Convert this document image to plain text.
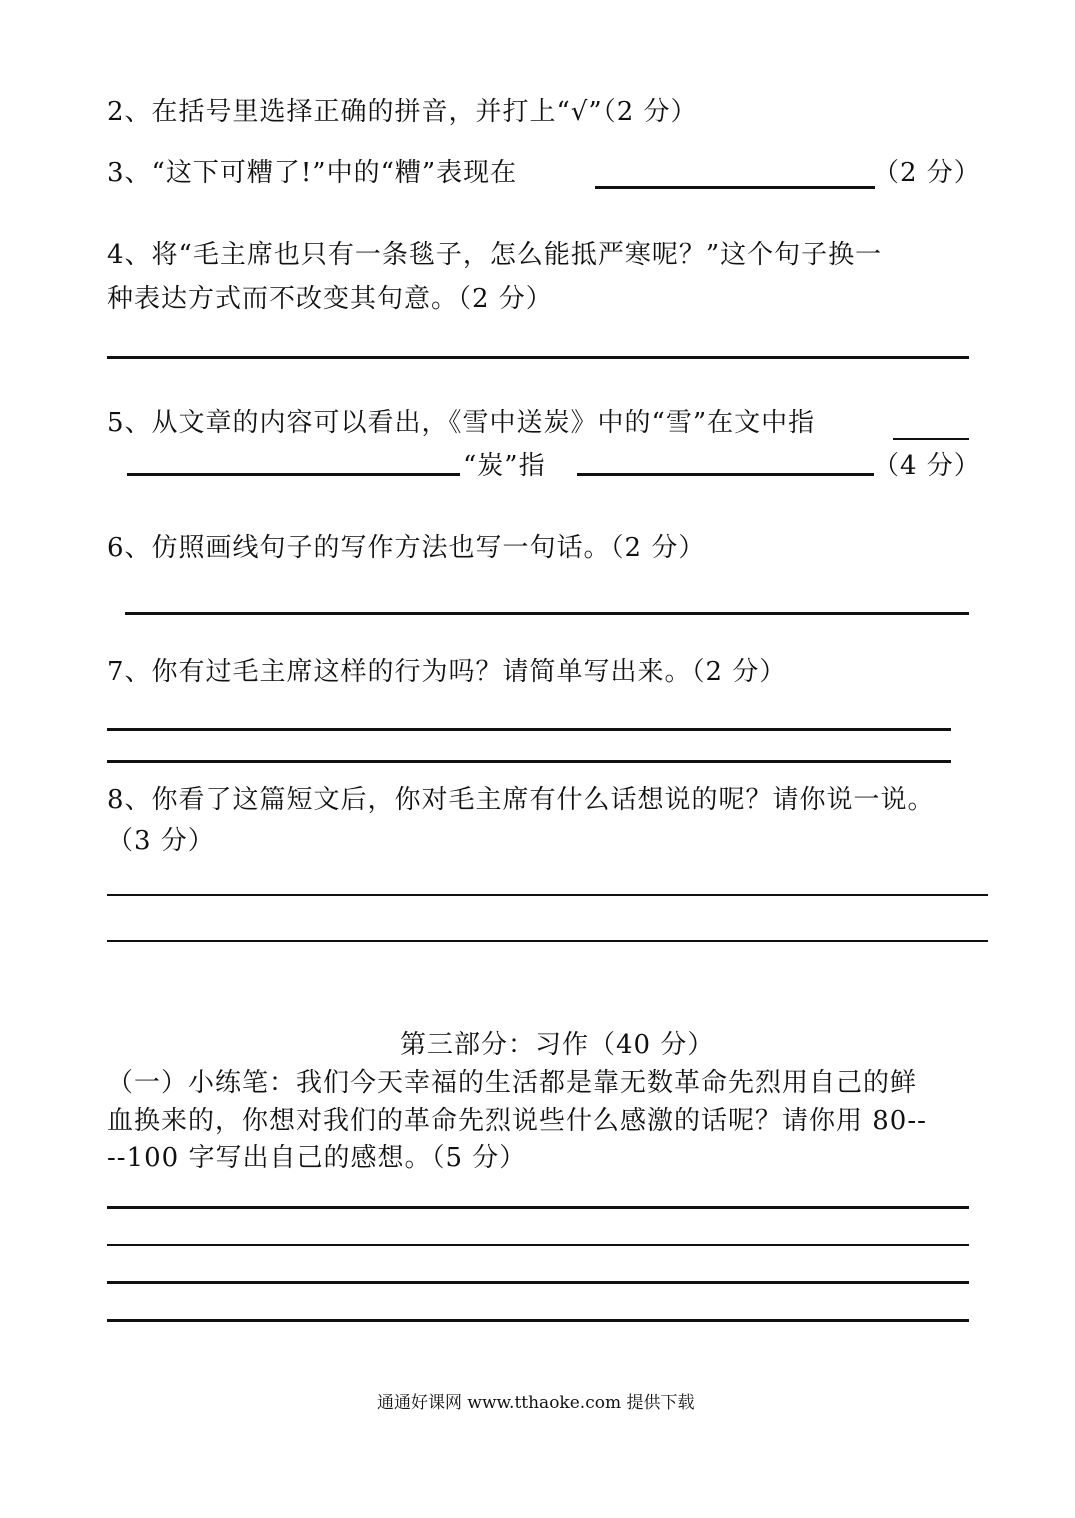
2、在括号里选择正确的拼音，并打上“√”（2 分）
3、“这下可糟了!”中的“糟”表现在	（2 分）
4、将“毛主席也只有一条毯子，怎么能抵严寒呢？”这个句子换一
种表达方式而不改变其句意。（2 分）
5、从文章的内容可以看出，《雪中送炭》中的“雪”在文中指
“炭”指	（4 分）
6、仿照画线句子的写作方法也写一句话。（2 分）
7、你有过毛主席这样的行为吗？请简单写出来。（2 分）
8、你看了这篇短文后，你对毛主席有什么话想说的呢？请你说一说。
（3 分）
第三部分：习作（40 分）
（一）小练笔：我们今天幸福的生活都是靠无数革命先烈用自己的鲜
血换来的，你想对我们的革命先烈说些什么感激的话呢？请你用 80--
--100 字写出自己的感想。（5 分）
通通好课网 www.tthaoke.com 提供下载
